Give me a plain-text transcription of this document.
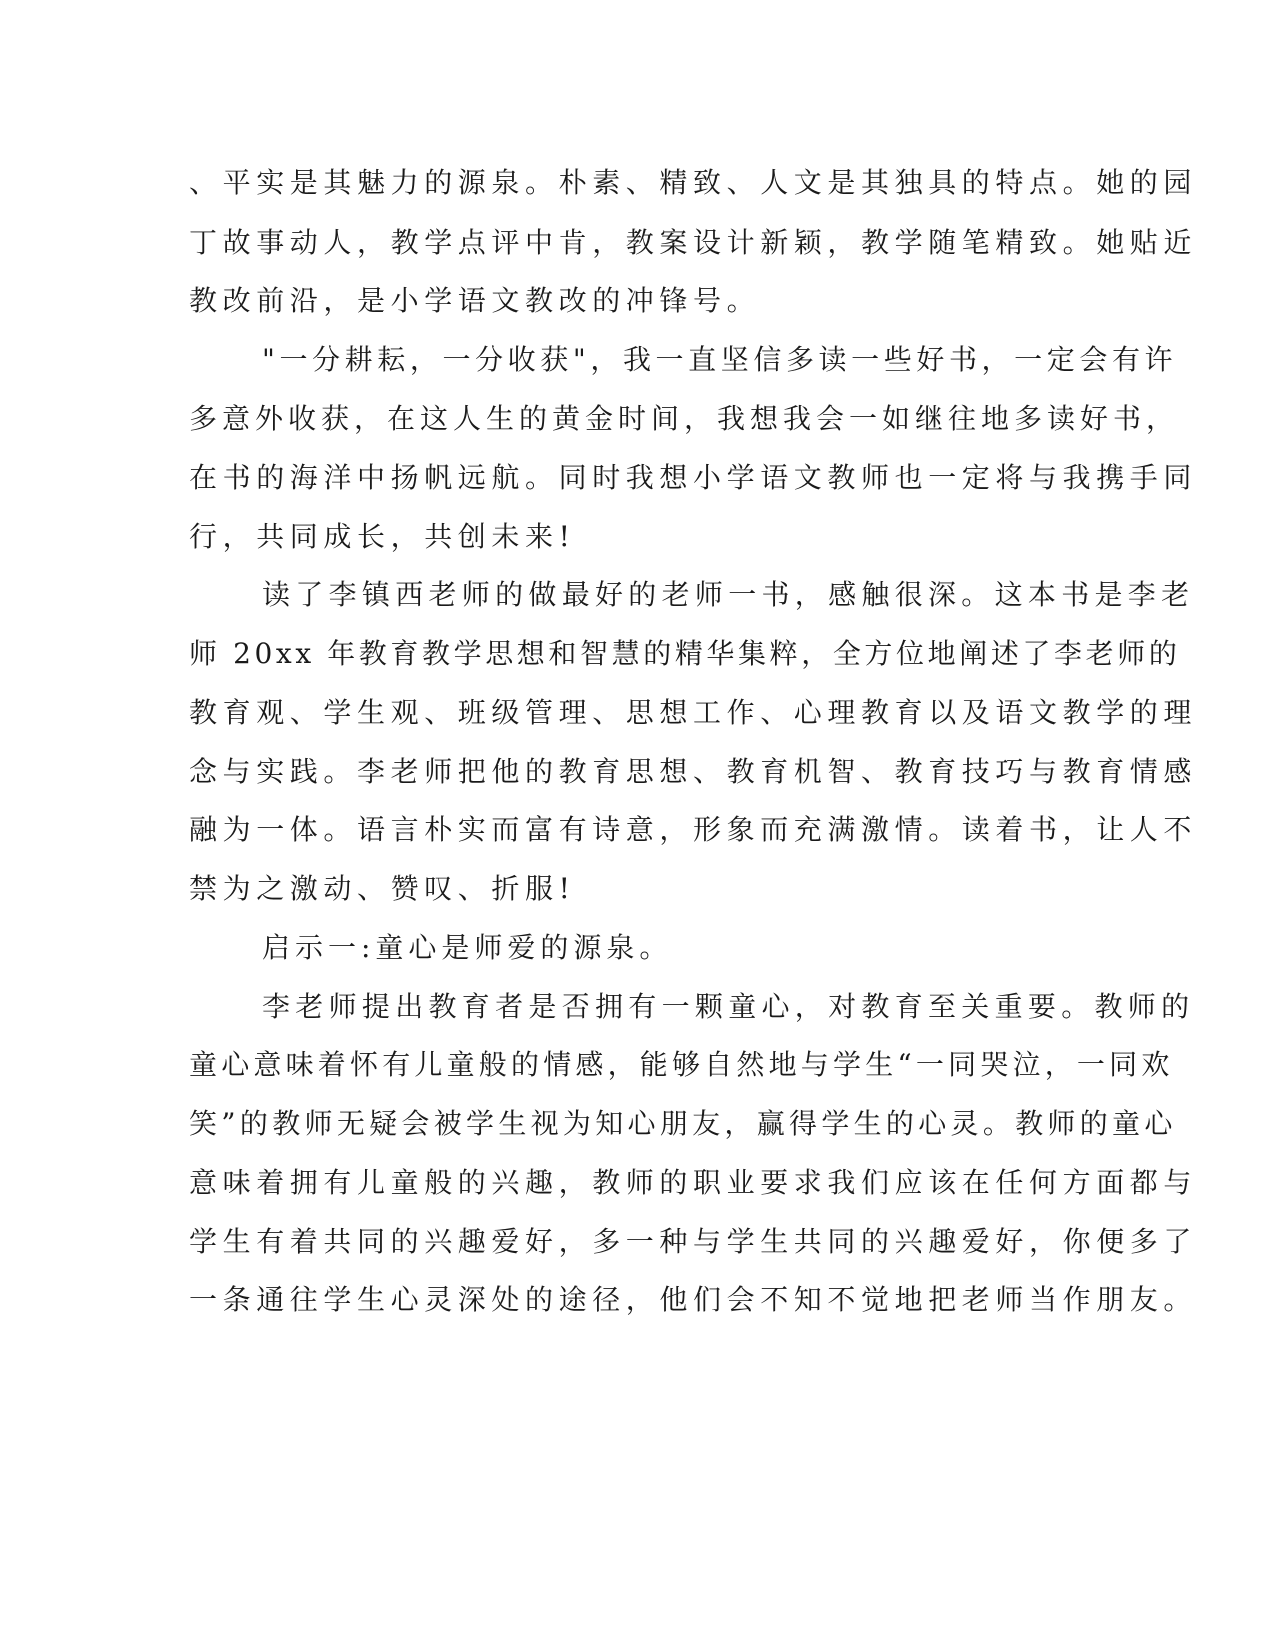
、平实是其魅力的源泉。朴素、精致、人文是其独具的特点。她的园
丁故事动人，教学点评中肯，教案设计新颖，教学随笔精致。她贴近
教改前沿，是小学语文教改的冲锋号。
"一分耕耘，一分收获"，我一直坚信多读一些好书，一定会有许
多意外收获，在这人生的黄金时间，我想我会一如继往地多读好书，
在书的海洋中扬帆远航。同时我想小学语文教师也一定将与我携手同
行，共同成长，共创未来!
读了李镇西老师的做最好的老师一书，感触很深。这本书是李老
师 20xx 年教育教学思想和智慧的精华集粹，全方位地阐述了李老师的
教育观、学生观、班级管理、思想工作、心理教育以及语文教学的理
念与实践。李老师把他的教育思想、教育机智、教育技巧与教育情感
融为一体。语言朴实而富有诗意，形象而充满激情。读着书，让人不
禁为之激动、赞叹、折服!
启示一:童心是师爱的源泉。
李老师提出教育者是否拥有一颗童心，对教育至关重要。教师的
童心意味着怀有儿童般的情感，能够自然地与学生“一同哭泣，一同欢
笑”的教师无疑会被学生视为知心朋友，赢得学生的心灵。教师的童心
意味着拥有儿童般的兴趣，教师的职业要求我们应该在任何方面都与
学生有着共同的兴趣爱好，多一种与学生共同的兴趣爱好，你便多了
一条通往学生心灵深处的途径，他们会不知不觉地把老师当作朋友。
